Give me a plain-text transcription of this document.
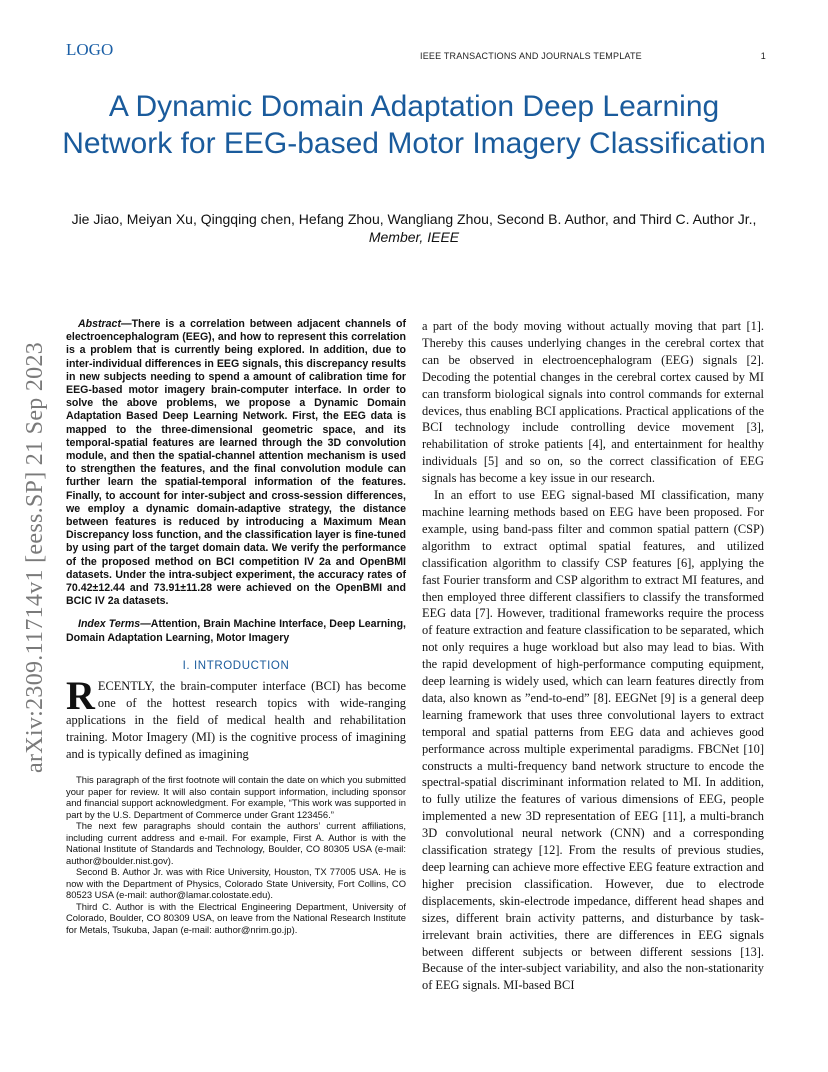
LOGO	IEEE TRANSACTIONS AND JOURNALS TEMPLATE	1
A Dynamic Domain Adaptation Deep Learning Network for EEG-based Motor Imagery Classification
Jie Jiao, Meiyan Xu, Qingqing chen, Hefang Zhou, Wangliang Zhou, Second B. Author, and Third C. Author Jr., Member, IEEE
arXiv:2309.11714v1 [eess.SP] 21 Sep 2023

Abstract—There is a correlation between adjacent channels of electroencephalogram (EEG), and how to represent this correlation is a problem that is currently being explored. In addition, due to inter-individual differences in EEG signals, this discrepancy results in new subjects needing to spend a amount of calibration time for EEG-based motor imagery brain-computer interface. In order to solve the above problems, we propose a Dynamic Domain Adaptation Based Deep Learning Network. First, the EEG data is mapped to the three-dimensional geometric space, and its temporal-spatial features are learned through the 3D convolution module, and then the spatial-channel attention mechanism is used to strengthen the features, and the final convolution module can further learn the spatial-temporal information of the features. Finally, to account for inter-subject and cross-session differences, we employ a dynamic domain-adaptive strategy, the distance between features is reduced by introducing a Maximum Mean Discrepancy loss function, and the classification layer is fine-tuned by using part of the target domain data. We verify the performance of the proposed method on BCI competition IV 2a and OpenBMI datasets. Under the intra-subject experiment, the accuracy rates of 70.42±12.44 and 73.91±11.28 were achieved on the OpenBMI and BCIC IV 2a datasets.

Index Terms—Attention, Brain Machine Interface, Deep Learning, Domain Adaptation Learning, Motor Imagery

I. INTRODUCTION

RECENTLY, the brain-computer interface (BCI) has become one of the hottest research topics with wide-ranging applications in the field of medical health and rehabilitation training. Motor Imagery (MI) is the cognitive process of imagining and is typically defined as imagining

This paragraph of the first footnote will contain the date on which you submitted your paper for review. It will also contain support information, including sponsor and financial support acknowledgment. For example, “This work was supported in part by the U.S. Department of Commerce under Grant 123456.”

The next few paragraphs should contain the authors’ current affiliations, including current address and e-mail. For example, First A. Author is with the National Institute of Standards and Technology, Boulder, CO 80305 USA (e-mail: author@boulder.nist.gov).

Second B. Author Jr. was with Rice University, Houston, TX 77005 USA. He is now with the Department of Physics, Colorado State University, Fort Collins, CO 80523 USA (e-mail: author@lamar.colostate.edu).

Third C. Author is with the Electrical Engineering Department, University of Colorado, Boulder, CO 80309 USA, on leave from the National Research Institute for Metals, Tsukuba, Japan (e-mail: author@nrim.go.jp).

a part of the body moving without actually moving that part [1]. Thereby this causes underlying changes in the cerebral cortex that can be observed in electroencephalogram (EEG) signals [2]. Decoding the potential changes in the cerebral cortex caused by MI can transform biological signals into control commands for external devices, thus enabling BCI applications. Practical applications of the BCI technology include controlling device movement [3], rehabilitation of stroke patients [4], and entertainment for healthy individuals [5] and so on, so the correct classification of EEG signals has become a key issue in our research.

In an effort to use EEG signal-based MI classification, many machine learning methods based on EEG have been proposed. For example, using band-pass filter and common spatial pattern (CSP) algorithm to extract optimal spatial features, and utilized classification algorithm to classify CSP features [6], applying the fast Fourier transform and CSP algorithm to extract MI features, and then employed three different classifiers to classify the transformed EEG data [7]. However, traditional frameworks require the process of feature extraction and feature classification to be separated, which not only requires a huge workload but also may lead to bias. With the rapid development of high-performance computing equipment, deep learning is widely used, which can learn features directly from data, also known as ”end-to-end” [8]. EEGNet [9] is a general deep learning framework that uses three convolutional layers to extract temporal and spatial patterns from EEG data and achieves good performance across multiple experimental paradigms. FBCNet [10] constructs a multi-frequency band network structure to encode the spectral-spatial discriminant information related to MI. In addition, to fully utilize the features of various dimensions of EEG, people implemented a new 3D representation of EEG [11], a multi-branch 3D convolutional neural network (CNN) and a corresponding classification strategy [12]. From the results of previous studies, deep learning can achieve more effective EEG feature extraction and higher precision classification. However, due to electrode displacements, skin-electrode impedance, different head shapes and sizes, different brain activity patterns, and disturbance by task-irrelevant brain activities, there are differences in EEG signals between different subjects or between different sessions [13]. Because of the inter-subject variability, and also the non-stationarity of EEG signals. MI-based BCI
